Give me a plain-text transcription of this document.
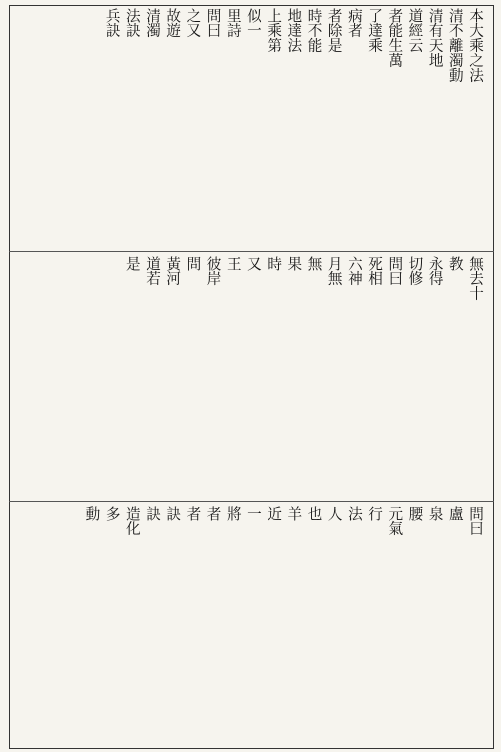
本大乘之法
清不離濁動
清有天地
道經云
者能生萬
了達乘
病者
者除是
時不能
地達法
上乘第
似一
里詩
問曰
之又
故遊
清濁
法訣
兵訣
無去十
教
永得
切修
問曰
死相
六神
月無
無
果
時
又
王
彼岸
問
黃河
道若
是
問曰
盧
泉
腰
元氣
行
法
人
也
羊
近
一
將
者
者
訣
訣
造化
多
動
